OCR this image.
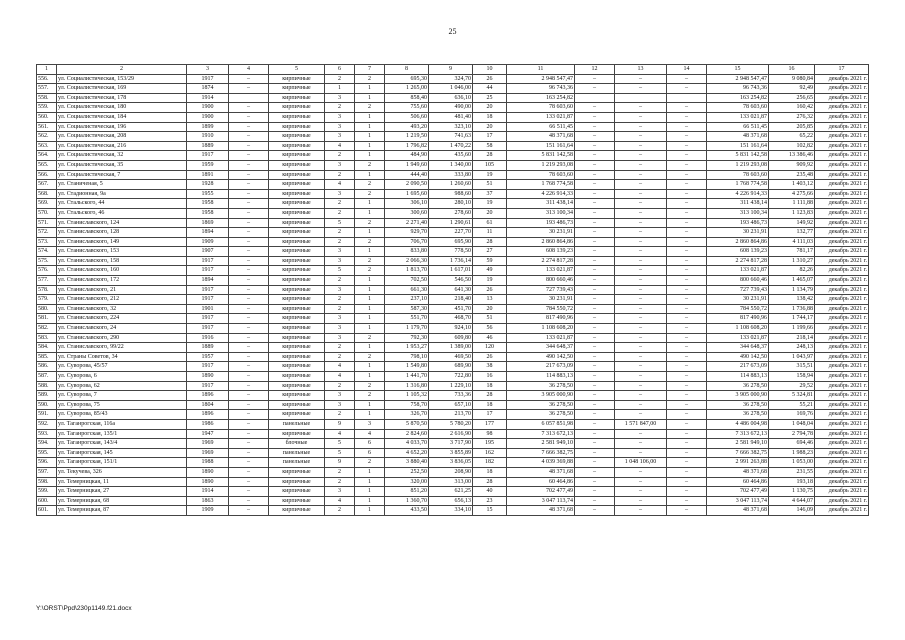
25
1	2	3	4	5	6	7	8	9	10	11	12	13	14	15	16	17
556.	ул. Социалистическая, 153/29	1917	–	кирпичные	2	2	695,30	324,70	26	2 948 547,47	–	–	–	2 948 547,47	9 080,84	декабрь 2021 г.
557.	ул. Социалистическая, 169	1874	–	кирпичные	1	1	1 265,00	1 046,00	44	96 743,36	–	–	–	96 743,36	92,49	декабрь 2021 г.
558.	ул. Социалистическая, 178	1914		кирпичные	3	1	858,40	636,10	25	163 254,82				163 254,82	256,65	декабрь 2021 г.
559.	ул. Социалистическая, 180	1900	–	кирпичные	2	2	755,60	490,00	20	78 603,60	–	–	–	78 603,60	160,42	декабрь 2021 г.
560.	ул. Социалистическая, 184	1900	–	кирпичные	3	1	506,60	481,40	18	133 021,87	–	–	–	133 021,87	276,32	декабрь 2021 г.
561.	ул. Социалистическая, 196	1899	–	кирпичные	3	1	493,20	323,10	20	66 511,45	–	–	–	66 511,45	205,85	декабрь 2021 г.
562.	ул. Социалистическая, 208	1910	–	кирпичные	3	1	1 219,50	741,63	17	48 371,68	–	–	–	48 371,68	65,22	декабрь 2021 г.
563.	ул. Социалистическая, 216	1889	–	кирпичные	4	1	1 796,82	1 470,22	58	151 161,64	–	–	–	151 161,64	102,82	декабрь 2021 г.
564.	ул. Социалистическая, 32	1917	–	кирпичные	2	1	484,90	435,60	28	5 831 142,58	–	–	–	5 831 142,58	13 386,46	декабрь 2021 г.
565.	ул. Социалистическая, 35	1959	–	кирпичные	3	2	1 949,60	1 340,00	105	1 219 293,08	–	–	–	1 219 293,08	909,92	декабрь 2021 г.
566.	ул. Социалистическая, 7	1891	–	кирпичные	2	1	444,40	333,80	19	78 603,60	–	–	–	78 603,60	235,48	декабрь 2021 г.
567.	ул. Станиченая, 5	1928	–	кирпичные	4	2	2 090,50	1 260,60	51	1 768 774,58	–	–	–	1 768 774,58	1 403,12	декабрь 2021 г.
568.	ул. Стадионная, 9а	1955	–	кирпичные	3	2	1 695,60	988,60	37	4 226 914,33	–	–	–	4 226 914,33	4 275,66	декабрь 2021 г.
569.	ул. Стальского, 44	1958	–	кирпичные	2	1	306,10	280,10	19	311 438,14	–	–	–	311 438,14	1 111,88	декабрь 2021 г.
570.	ул. Стальского, 46	1958	–	кирпичные	2	1	300,60	278,60	20	313 100,34	–	–	–	313 100,34	1 123,83	декабрь 2021 г.
571.	ул. Станиславского, 124	1869	–	кирпичные	5	2	2 271,40	1 290,61	61	193 486,73	–	–	–	193 486,73	149,92	декабрь 2021 г.
572.	ул. Станиславского, 128	1894	–	кирпичные	2	1	929,70	227,70	11	30 231,91	–	–	–	30 231,91	132,77	декабрь 2021 г.
573.	ул. Станиславского, 149	1909	–	кирпичные	2	2	706,70	695,90	28	2 860 864,86	–	–	–	2 860 864,86	4 111,03	декабрь 2021 г.
574.	ул. Станиславского, 153	1907	–	кирпичные	3	1	833,80	778,50	27	608 139,23	–	–	–	608 139,23	781,17	декабрь 2021 г.
575.	ул. Станиславского, 158	1917	–	кирпичные	3	2	2 066,30	1 736,14	59	2 274 817,28	–	–	–	2 274 817,28	1 310,27	декабрь 2021 г.
576.	ул. Станиславского, 160	1917	–	кирпичные	5	2	1 813,70	1 617,01	49	133 021,87	–	–	–	133 021,87	82,26	декабрь 2021 г.
577.	ул. Станиславского, 172	1894	–	кирпичные	2	1	702,50	546,50	19	800 660,46	–	–	–	800 660,46	1 465,07	декабрь 2021 г.
578.	ул. Станиславского, 21	1917	–	кирпичные	3	1	661,30	641,30	26	727 739,43	–	–	–	727 739,43	1 134,79	декабрь 2021 г.
579.	ул. Станиславского, 212	1917	–	кирпичные	2	1	237,10	218,40	13	30 231,91	–	–	–	30 231,91	138,42	декабрь 2021 г.
580.	ул. Станиславского, 32	1901	–	кирпичные	2	1	587,30	451,70	20	784 550,72	–	–	–	784 550,72	1 736,88	декабрь 2021 г.
581.	ул. Станиславского, 224	1917	–	кирпичные	3	1	551,70	468,70	51	817 490,96	–	–	–	817 490,96	1 744,17	декабрь 2021 г.
582.	ул. Станиславского, 24	1917	–	кирпичные	3	1	1 179,70	924,10	56	1 108 608,20	–	–	–	1 108 608,20	1 199,66	декабрь 2021 г.
583.	ул. Станиславского, 290	1916	–	кирпичные	3	2	792,30	609,80	46	133 021,87	–	–	–	133 021,87	218,14	декабрь 2021 г.
584.	ул. Станиславского, 99/22	1889	–	кирпичные	2	1	1 953,27	1 389,00	120	344 648,37	–	–	–	344 648,37	248,13	декабрь 2021 г.
585.	ул. Страны Советов, 34	1957	–	кирпичные	2	2	798,10	469,50	26	490 142,50	–	–	–	490 142,50	1 043,97	декабрь 2021 г.
586.	ул. Суворова, 45/57	1917	–	кирпичные	4	1	1 549,80	689,90	38	217 673,09	–	–	–	217 673,09	315,51	декабрь 2021 г.
587.	ул. Суворова, 6	1890	–	кирпичные	4	1	1 441,70	722,80	16	114 883,13	–	–	–	114 883,13	158,94	декабрь 2021 г.
588.	ул. Суворова, 62	1917	–	кирпичные	2	2	1 316,80	1 229,10	18	36 278,50	–	–	–	36 278,50	29,52	декабрь 2021 г.
589.	ул. Суворова, 7	1896	–	кирпичные	3	2	1 105,32	733,36	28	3 905 000,90	–	–	–	3 905 000,90	5 324,81	декабрь 2021 г.
590.	ул. Суворова, 75	1804	–	кирпичные	3	1	758,70	657,10	18	36 278,50	–	–	–	36 278,50	55,21	декабрь 2021 г.
591.	ул. Суворова, 85/43	1896	–	кирпичные	2	1	326,70	213,70	17	36 278,50	–	–	–	36 278,50	169,76	декабрь 2021 г.
592.	ул. Таганрогская, 116а	1986	–	панельные	9	3	5 870,50	5 780,20	177	6 057 851,98	–	1 571 847,00	–	4 486 004,98	1 048,04	декабрь 2021 г.
593.	ул. Таганрогская, 135/1	1947	–	кирпичные	4	4	2 824,60	2 616,90	98	7 313 672,13	–	–	–	7 313 672,13	2 794,78	декабрь 2021 г.
594.	ул. Таганрогская, 143/4	1969	–	блочные	5	6	4 033,70	3 717,90	195	2 581 949,10	–	–	–	2 581 949,10	694,46	декабрь 2021 г.
595.	ул. Таганрогская, 145	1969	–	панельные	5	6	4 652,20	3 855,89	162	7 666 382,75	–	–	–	7 666 382,75	1 988,23	декабрь 2021 г.
596.	ул. Таганрогская, 151/1	1988	–	панельные	9	2	3 880,40	3 836,05	182	4 039 369,88	–	1 048 106,00	–	2 991 263,88	1 053,00	декабрь 2021 г.
597.	ул. Текучева, 326	1890	–	кирпичные	2	1	252,50	208,90	18	48 371,68	–	–	–	48 371,68	231,55	декабрь 2021 г.
598.	ул. Темерницкая, 11	1890	–	кирпичные	2	1	320,00	313,00	28	60 464,86	–	–	–	60 464,86	193,18	декабрь 2021 г.
599.	ул. Темерницкая, 27	1914	–	кирпичные	3	1	851,20	621,25	40	702 477,49	–	–	–	702 477,49	1 130,75	декабрь 2021 г.
600.	ул. Темерницкая, 68	1863	–	кирпичные	4	1	1 360,70	656,13	23	3 047 113,74	–	–	–	3 047 113,74	4 644,07	декабрь 2021 г.
601.	ул. Темерницкая, 87	1909	–	кирпичные	2	1	433,50	334,10	15	48 371,68	–	–	–	48 371,68	146,09	декабрь 2021 г.
Y:\ORST\Ppd\230p1149.f21.docx
